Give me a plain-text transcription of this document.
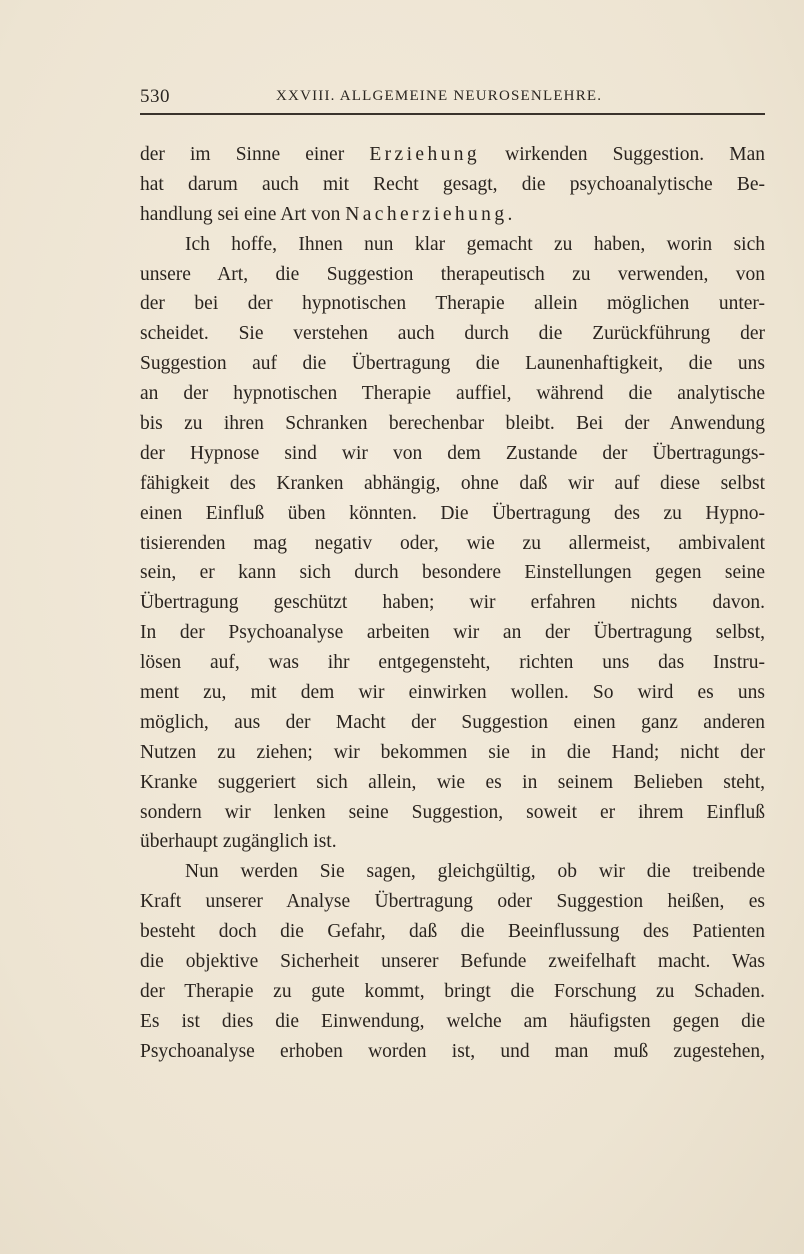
530	XXVIII. ALLGEMEINE NEUROSENLEHRE.
der im Sinne einer Erziehung wirkenden Suggestion. Man
hat darum auch mit Recht gesagt, die psychoanalytische Be-
handlung sei eine Art von Nacherziehung.
Ich hoffe, Ihnen nun klar gemacht zu haben, worin sich
unsere Art, die Suggestion therapeutisch zu verwenden, von
der bei der hypnotischen Therapie allein möglichen unter-
scheidet. Sie verstehen auch durch die Zurückführung der
Suggestion auf die Übertragung die Launenhaftigkeit, die uns
an der hypnotischen Therapie auffiel, während die analytische
bis zu ihren Schranken berechenbar bleibt. Bei der Anwendung
der Hypnose sind wir von dem Zustande der Übertragungs-
fähigkeit des Kranken abhängig, ohne daß wir auf diese selbst
einen Einfluß üben könnten. Die Übertragung des zu Hypno-
tisierenden mag negativ oder, wie zu allermeist, ambivalent
sein, er kann sich durch besondere Einstellungen gegen seine
Übertragung geschützt haben; wir erfahren nichts davon.
In der Psychoanalyse arbeiten wir an der Übertragung selbst,
lösen auf, was ihr entgegensteht, richten uns das Instru-
ment zu, mit dem wir einwirken wollen. So wird es uns
möglich, aus der Macht der Suggestion einen ganz anderen
Nutzen zu ziehen; wir bekommen sie in die Hand; nicht der
Kranke suggeriert sich allein, wie es in seinem Belieben steht,
sondern wir lenken seine Suggestion, soweit er ihrem Einfluß
überhaupt zugänglich ist.
Nun werden Sie sagen, gleichgültig, ob wir die treibende
Kraft unserer Analyse Übertragung oder Suggestion heißen, es
besteht doch die Gefahr, daß die Beeinflussung des Patienten
die objektive Sicherheit unserer Befunde zweifelhaft macht. Was
der Therapie zu gute kommt, bringt die Forschung zu Schaden.
Es ist dies die Einwendung, welche am häufigsten gegen die
Psychoanalyse erhoben worden ist, und man muß zugestehen,
